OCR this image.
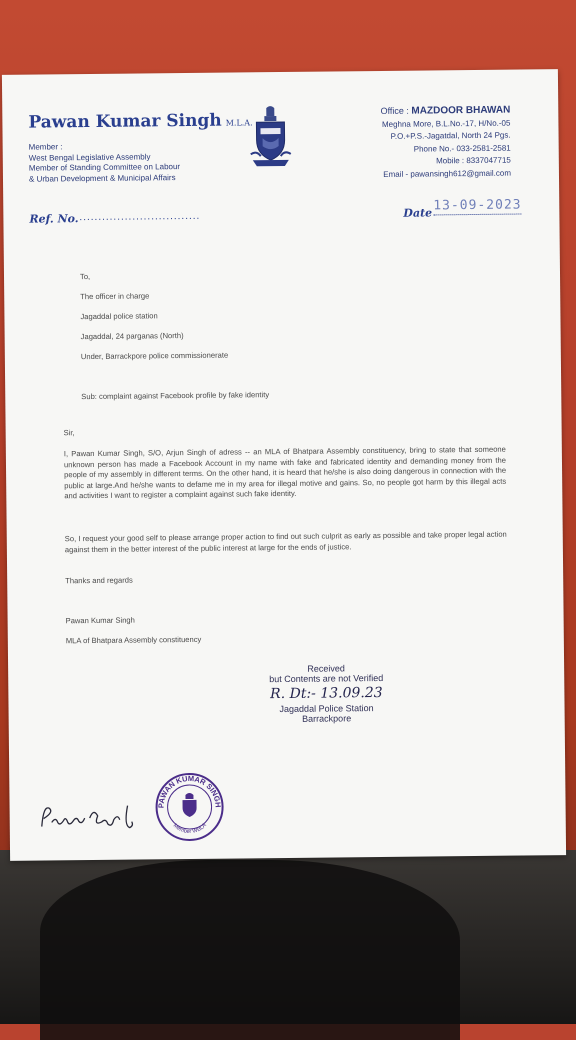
Pawan Kumar Singh M.L.A.
Member :
West Bengal Legislative Assembly
Member of Standing Committee on Labour
& Urban Development & Municipal Affairs
Office : MAZDOOR BHAWAN
Meghna More, B.L.No.-17, H/No.-05
P.O.+P.S.-Jagatdal, North 24 Pgs.
Phone No.- 033-2581-2581
Mobile : 8337047715
Email - pawansingh612@gmail.com
Ref. No. ................................	Date 13-09-2023
To,
The officer in charge
Jagaddal police station
Jagaddal, 24 parganas (North)
Under, Barrackpore police commissionerate
Sub: complaint against Facebook profile by fake identity
Sir,
I, Pawan Kumar Singh, S/O, Arjun Singh of adress -- an MLA of Bhatpara Assembly constituency, bring to state that someone unknown person has made a Facebook Account in my name with fake and fabricated identity and demanding money from the people of my assembly in different terms. On the other hand, it is heard that he/she is also doing dangerous in connection with the public at large.And he/she wants to defame me in my area for illegal motive and gains. So, no people got harm by this illegal acts and activities I want to register a complaint against such fake identity.
So, I request your good self to please arrange proper action to find out such culprit as early as possible and take proper legal action against them in the better interest of the public interest at large for the ends of justice.
Thanks and regards
Pawan Kumar Singh
MLA of Bhatpara Assembly constituency
Received
but Contents are not Verified
R. Dt:- 13.09.23
Jagaddal Police Station
Barrackpore
PAWAN KUMAR SINGH
Member WBLA
